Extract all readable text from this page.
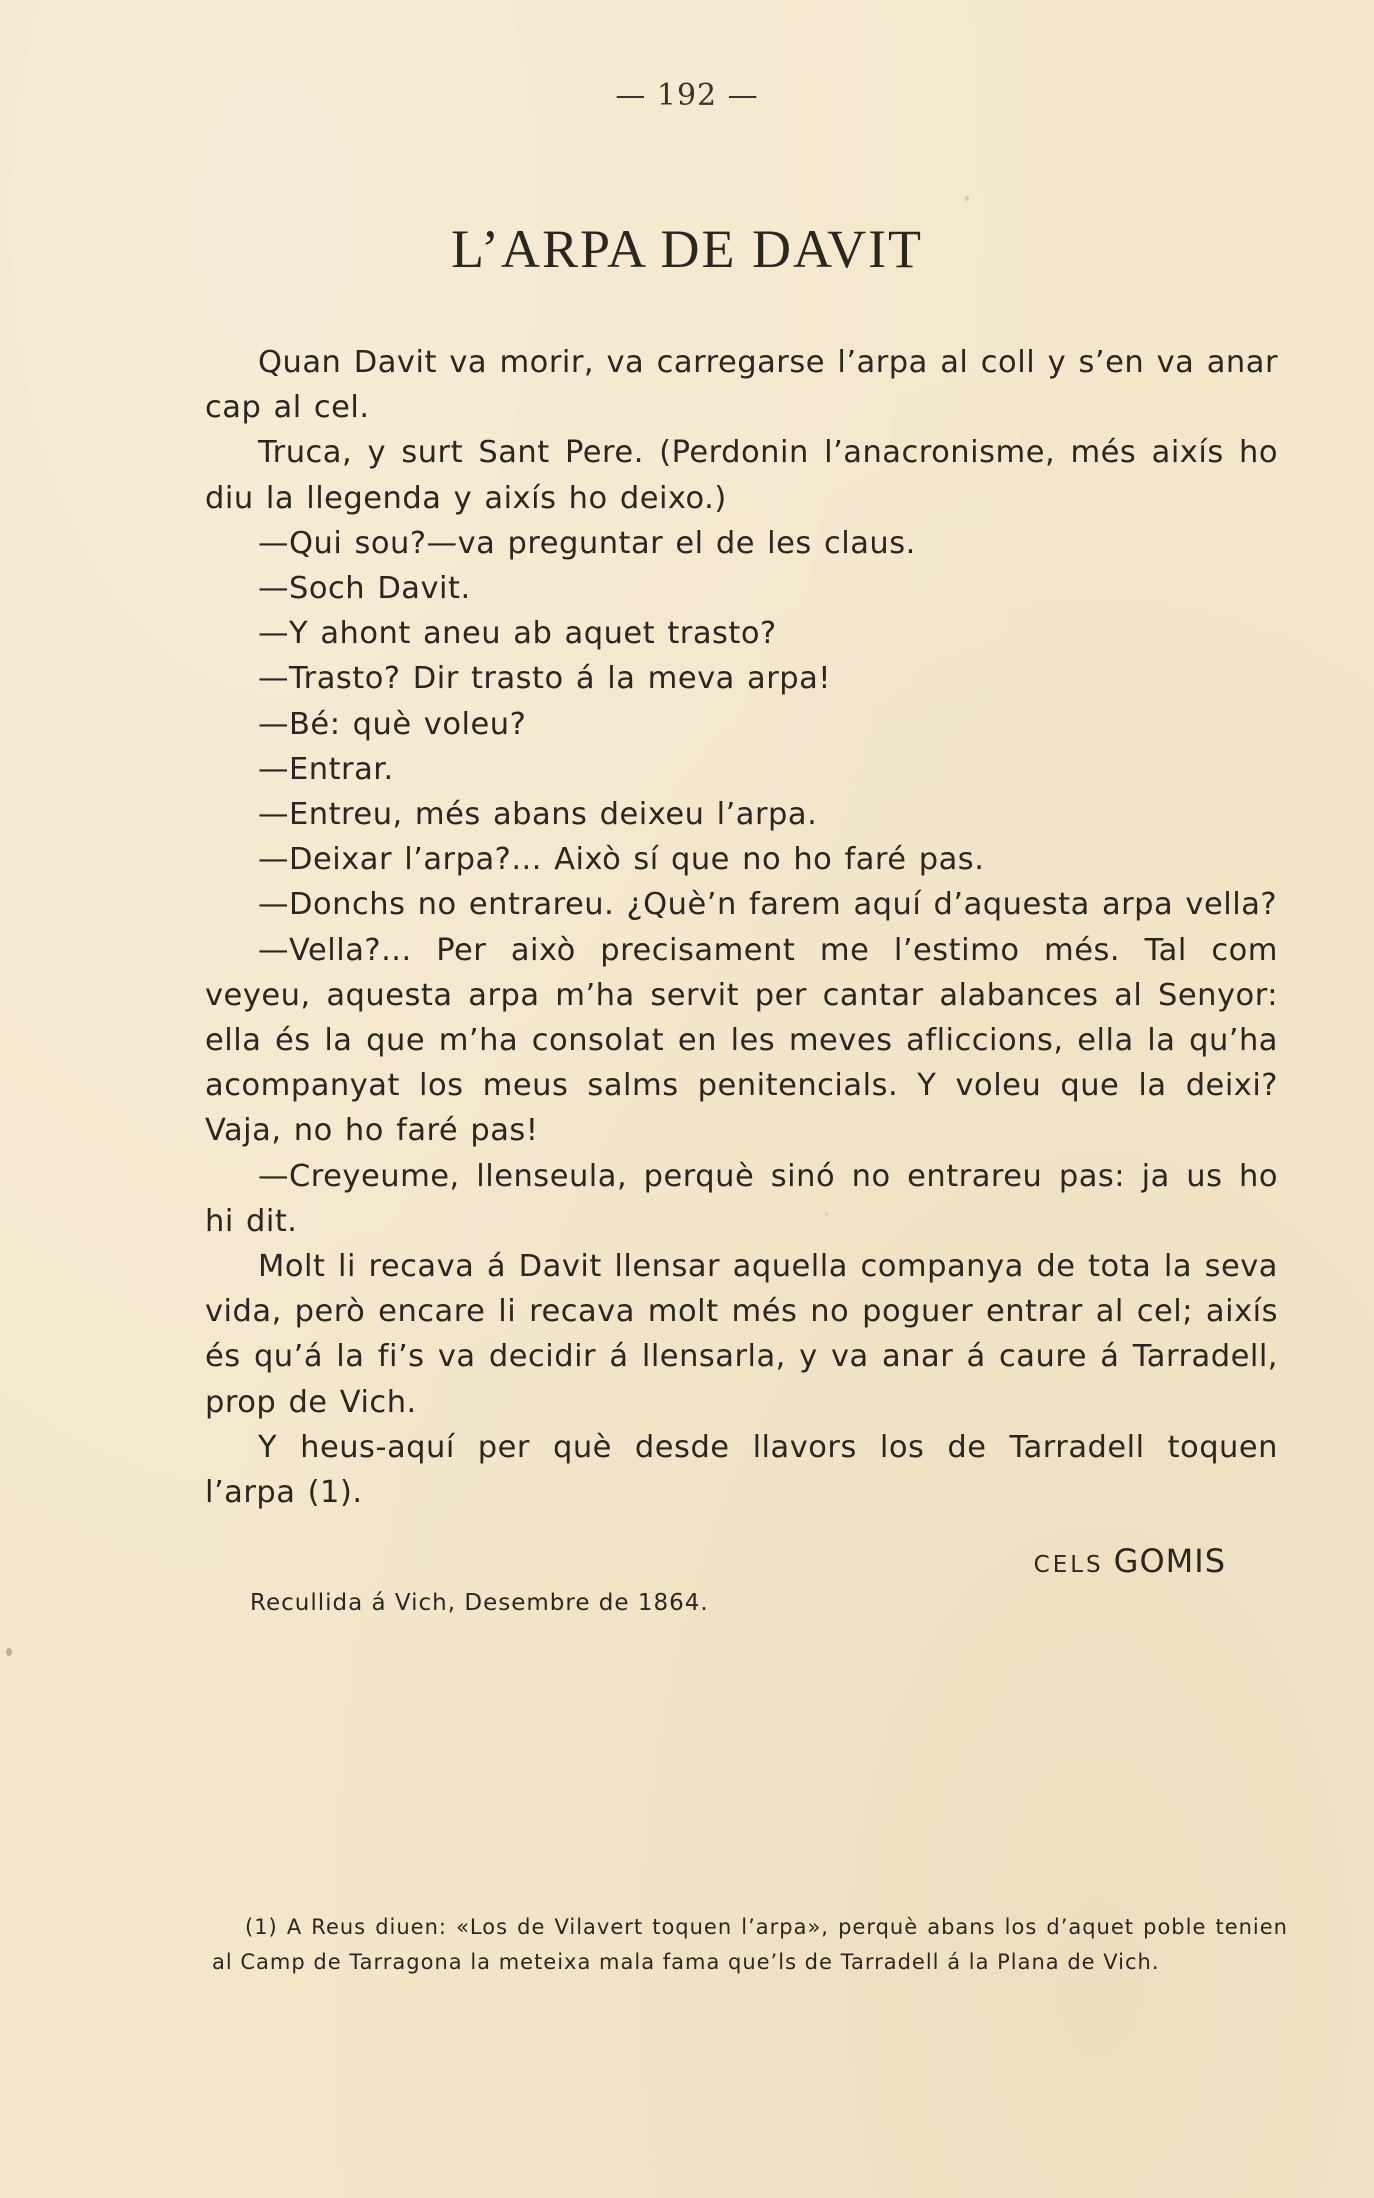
— 192 —
L’ARPA DE DAVIT

Quan Davit va morir, va carregarse l’arpa al coll y s’en va anar cap al cel.

Truca, y surt Sant Pere. (Perdonin l’anacronisme, més aixís ho diu la llegenda y aixís ho deixo.)

—Qui sou?—va preguntar el de les claus.

—Soch Davit.

—Y ahont aneu ab aquet trasto?

—Trasto? Dir trasto á la meva arpa!

—Bé: què voleu?

—Entrar.

—Entreu, més abans deixeu l’arpa.

—Deixar l’arpa?... Això sí que no ho faré pas.

—Donchs no entrareu. ¿Què’n farem aquí d’aquesta arpa vella?

—Vella?... Per això precisament me l’estimo més. Tal com veyeu, aquesta arpa m’ha servit per cantar alabances al Senyor: ella és la que m’ha consolat en les meves afliccions, ella la qu’ha acompanyat los meus salms penitencials. Y voleu que la deixi? Vaja, no ho faré pas!

—Creyeume, llenseula, perquè sinó no entrareu pas: ja us ho hi dit.

Molt li recava á Davit llensar aquella companya de tota la seva vida, però encare li recava molt més no poguer entrar al cel; aixís és qu’á la fi’s va decidir á llensarla, y va anar á caure á Tarradell, prop de Vich.

Y heus-aquí per què desde llavors los de Tarradell toquen l’arpa (1).

CELS GOMIS
Recullida á Vich, Desembre de 1864.

(1) A Reus diuen: «Los de Vilavert toquen l’arpa», perquè abans los d’aquet poble tenien al Camp de Tarragona la meteixa mala fama que’ls de Tarradell á la Plana de Vich.
